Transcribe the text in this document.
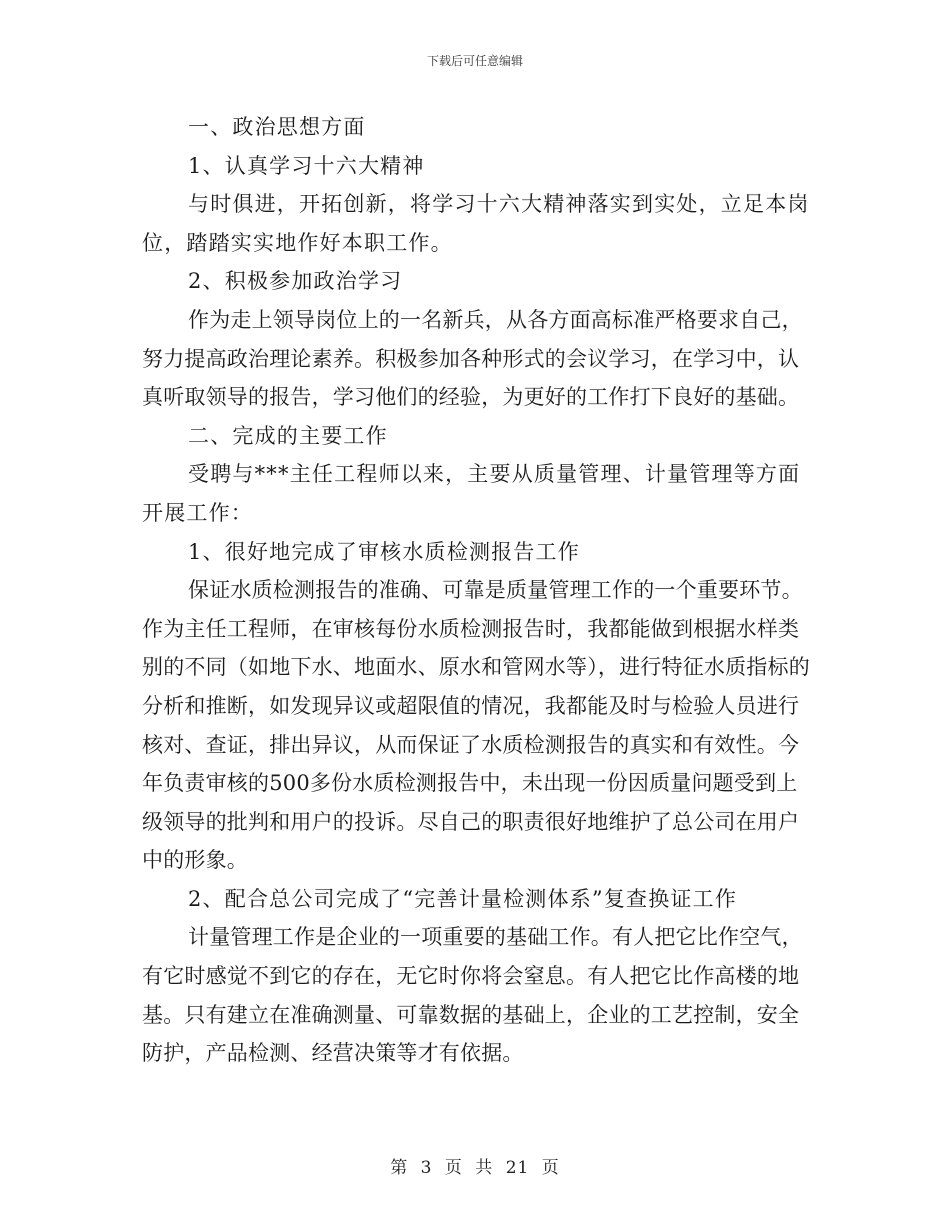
下载后可任意编辑

一、政治思想方面

1、认真学习十六大精神

与时俱进，开拓创新，将学习十六大精神落实到实处，立足本岗位，踏踏实实地作好本职工作。

2、积极参加政治学习

作为走上领导岗位上的一名新兵，从各方面高标准严格要求自己，努力提高政治理论素养。积极参加各种形式的会议学习，在学习中，认真听取领导的报告，学习他们的经验，为更好的工作打下良好的基础。

二、完成的主要工作

受聘与***主任工程师以来，主要从质量管理、计量管理等方面开展工作：

1、很好地完成了审核水质检测报告工作

保证水质检测报告的准确、可靠是质量管理工作的一个重要环节。作为主任工程师，在审核每份水质检测报告时，我都能做到根据水样类别的不同（如地下水、地面水、原水和管网水等），进行特征水质指标的分析和推断，如发现异议或超限值的情况，我都能及时与检验人员进行核对、查证，排出异议，从而保证了水质检测报告的真实和有效性。今年负责审核的500多份水质检测报告中，未出现一份因质量问题受到上级领导的批判和用户的投诉。尽自己的职责很好地维护了总公司在用户中的形象。

2、配合总公司完成了“完善计量检测体系”复查换证工作

计量管理工作是企业的一项重要的基础工作。有人把它比作空气，有它时感觉不到它的存在，无它时你将会窒息。有人把它比作高楼的地基。只有建立在准确测量、可靠数据的基础上，企业的工艺控制，安全防护，产品检测、经营决策等才有依据。

第 3 页 共 21 页
